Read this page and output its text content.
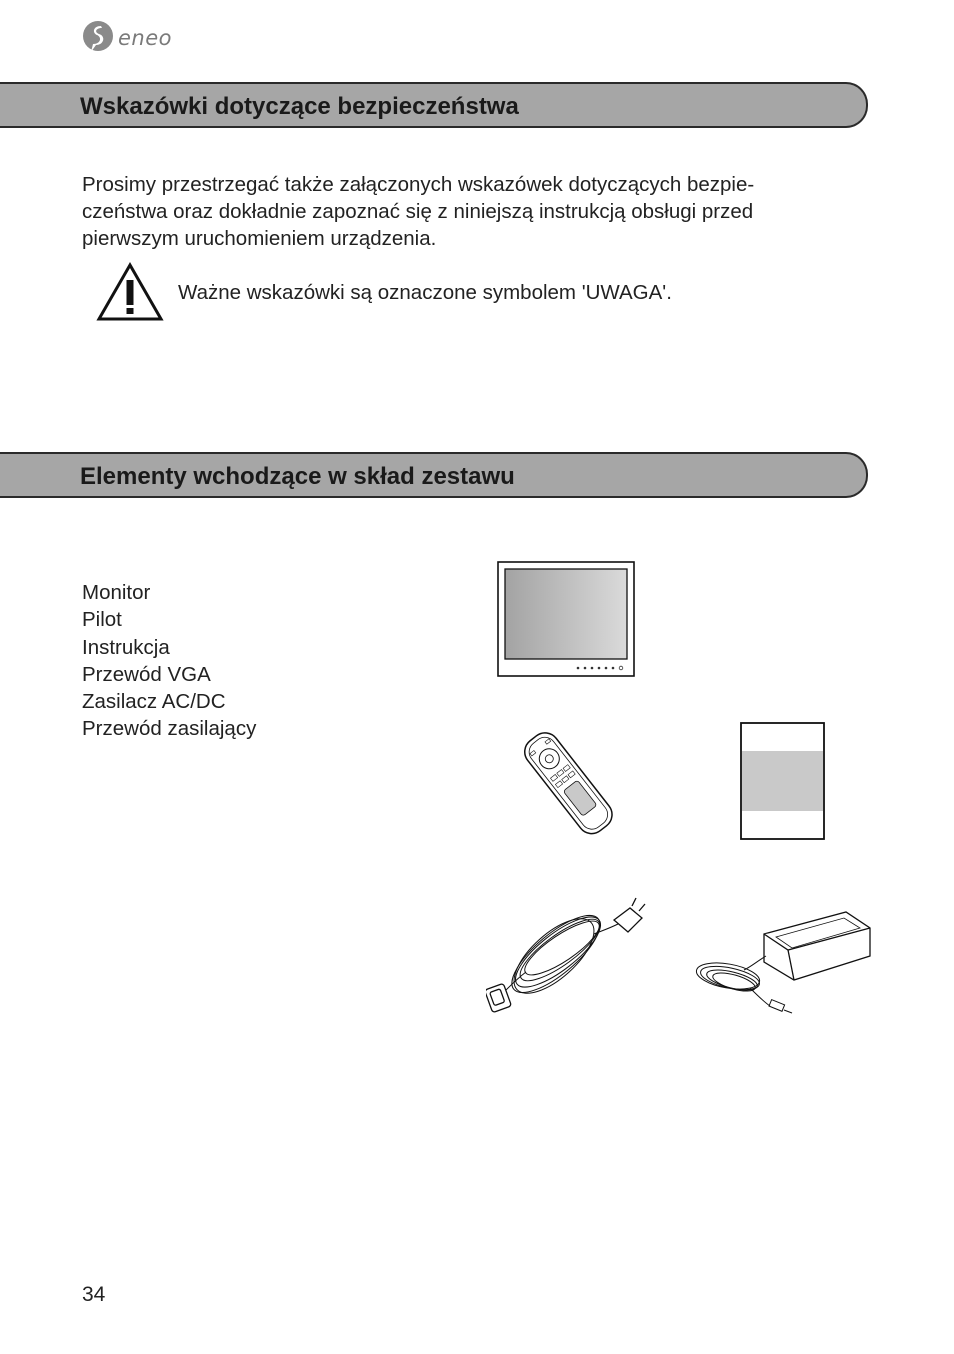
eneo
Wskazówki dotyczące bezpieczeństwa
Prosimy przestrzegać także załączonych wskazówek dotyczących bezpie-
czeństwa oraz dokładnie zapoznać się z niniejszą instrukcją obsługi przed
pierwszym uruchomieniem urządzenia.
Ważne wskazówki są oznaczone symbolem 'UWAGA'.
Elementy wchodzące w skład zestawu
Monitor
Pilot
Instrukcja
Przewód VGA
Zasilacz AC/DC
Przewód zasilający
34
